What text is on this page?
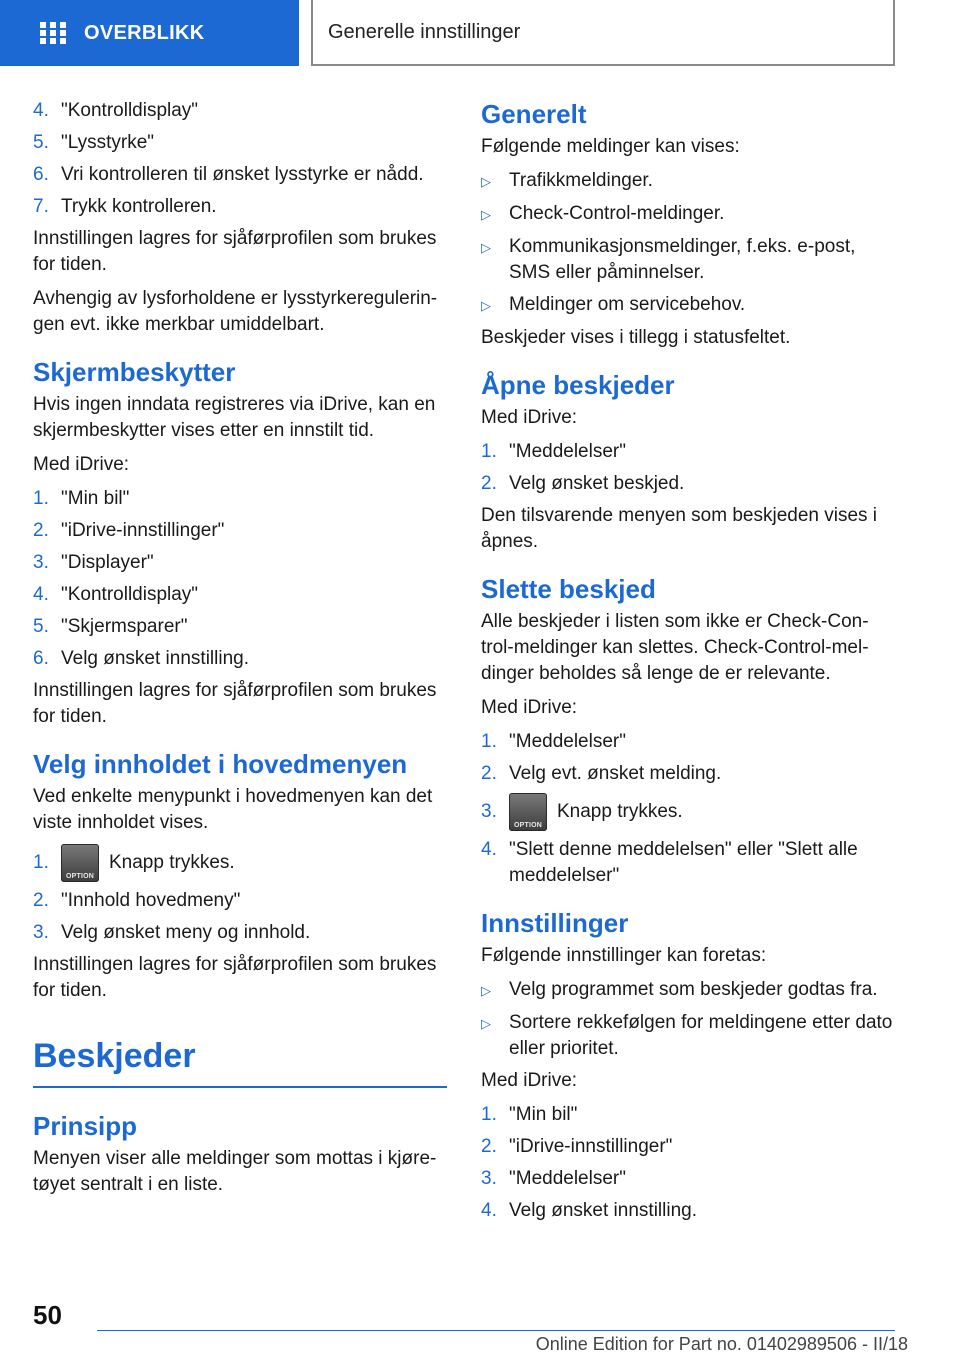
OVERBLIKK	Generelle innstillinger
4. "Kontrolldisplay"
5. "Lysstyrke"
6. Vri kontrolleren til ønsket lysstyrke er nådd.
7. Trykk kontrolleren.

Innstillingen lagres for sjåførprofilen som brukes for tiden.

Avhengig av lysforholdene er lysstyrkeregulerin‐gen evt. ikke merkbar umiddelbart.

Skjermbeskytter

Hvis ingen inndata registreres via iDrive, kan en skjermbeskytter vises etter en innstilt tid.

Med iDrive:

1. "Min bil"
2. "iDrive-innstillinger"
3. "Displayer"
4. "Kontrolldisplay"
5. "Skjermsparer"
6. Velg ønsket innstilling.

Innstillingen lagres for sjåførprofilen som brukes for tiden.

Velg innholdet i hovedmenyen

Ved enkelte menypunkt i hovedmenyen kan det viste innholdet vises.

1.
OPTION
Knapp trykkes.
2. "Innhold hovedmeny"
3. Velg ønsket meny og innhold.

Innstillingen lagres for sjåførprofilen som brukes for tiden.

Beskjeder
Prinsipp

Menyen viser alle meldinger som mottas i kjøre‐tøyet sentralt i en liste.

Generelt

Følgende meldinger kan vises:

▷ Trafikkmeldinger.
▷ Check-Control-meldinger.
▷ Kommunikasjonsmeldinger, f.eks. e-post, SMS eller påminnelser.
▷ Meldinger om servicebehov.

Beskjeder vises i tillegg i statusfeltet.

Åpne beskjeder

Med iDrive:

1. "Meddelelser"
2. Velg ønsket beskjed.

Den tilsvarende menyen som beskjeden vises i åpnes.

Slette beskjed

Alle beskjeder i listen som ikke er Check-Con‐trol-meldinger kan slettes. Check-Control-mel‐dinger beholdes så lenge de er relevante.

Med iDrive:

1. "Meddelelser"
2. Velg evt. ønsket melding.
3.
OPTION
Knapp trykkes.
4. "Slett denne meddelelsen" eller "Slett alle meddelelser"
Innstillinger

Følgende innstillinger kan foretas:

▷ Velg programmet som beskjeder godtas fra.
▷ Sortere rekkefølgen for meldingene etter dato eller prioritet.

Med iDrive:

1. "Min bil"
2. "iDrive-innstillinger"
3. "Meddelelser"
4. Velg ønsket innstilling.
50
Online Edition for Part no. 01402989506 - II/18
